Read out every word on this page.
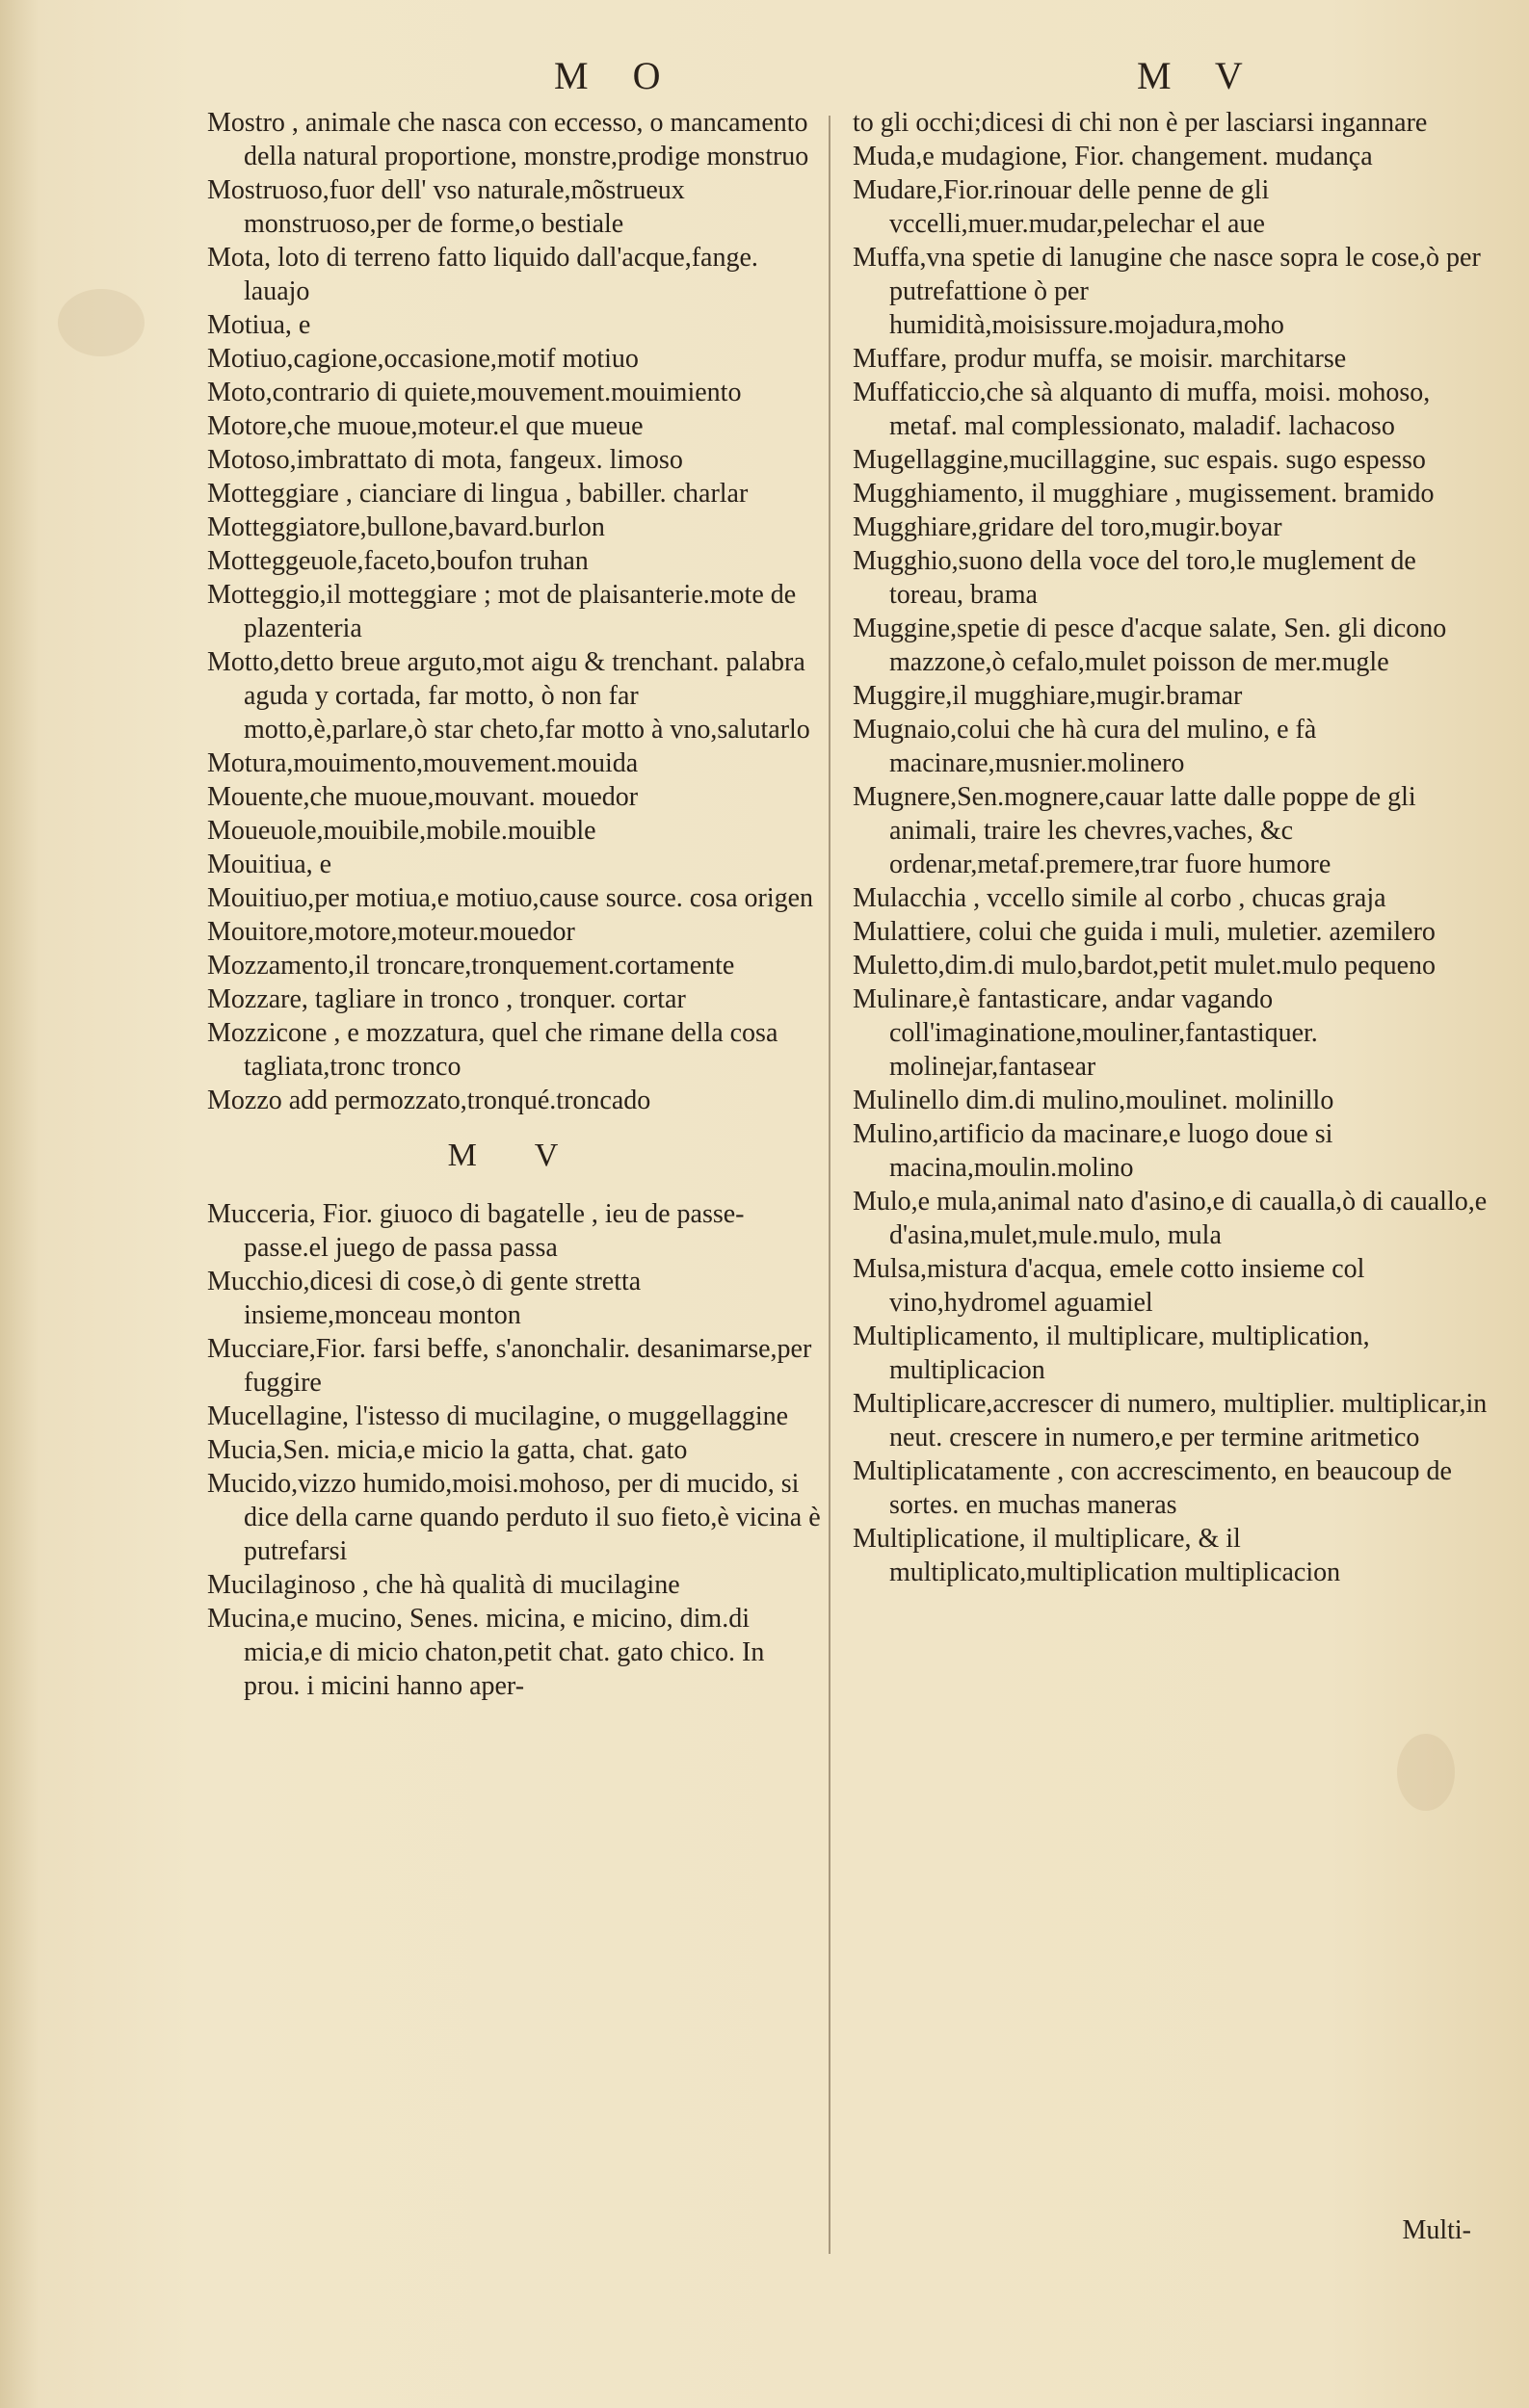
M O	M V

Mostro , animale che nasca con eccesso, o mancamento della natural proportione, monstre,prodige monstruo

Mostruoso,fuor dell' vso naturale,mõstrueux monstruoso,per de forme,o bestiale

Mota, loto di terreno fatto liquido dall'acque,fange. lauajo

Motiua, e

Motiuo,cagione,occasione,motif motiuo

Moto,contrario di quiete,mouvement.mouimiento

Motore,che muoue,moteur.el que mueue

Motoso,imbrattato di mota, fangeux. limoso

Motteggiare , cianciare di lingua , babiller. charlar

Motteggiatore,bullone,bavard.burlon

Motteggeuole,faceto,boufon truhan

Motteggio,il motteggiare ; mot de plaisanterie.mote de plazenteria

Motto,detto breue arguto,mot aigu & trenchant. palabra aguda y cortada, far motto, ò non far motto,è,parlare,ò star cheto,far motto à vno,salutarlo

Motura,mouimento,mouvement.mouida

Mouente,che muoue,mouvant. mouedor

Moueuole,mouibile,mobile.mouible

Mouitiua, e

Mouitiuo,per motiua,e motiuo,cause source. cosa origen

Mouitore,motore,moteur.mouedor

Mozzamento,il troncare,tronquement.cortamente

Mozzare, tagliare in tronco , tronquer. cortar

Mozzicone , e mozzatura, quel che rimane della cosa tagliata,tronc tronco

Mozzo add permozzato,tronqué.troncado

M V

Mucceria, Fior. giuoco di bagatelle , ieu de passe-passe.el juego de passa passa

Mucchio,dicesi di cose,ò di gente stretta insieme,monceau monton

Mucciare,Fior. farsi beffe, s'anonchalir. desanimarse,per fuggire

Mucellagine, l'istesso di mucilagine, o muggellaggine

Mucia,Sen. micia,e micio la gatta, chat. gato

Mucido,vizzo humido,moisi.mohoso, per di mucido, si dice della carne quando perduto il suo fieto,è vicina è putrefarsi

Mucilaginoso , che hà qualità di mucilagine

Mucina,e mucino, Senes. micina, e micino, dim.di micia,e di micio chaton,petit chat. gato chico. In prou. i micini hanno aper-

to gli occhi;dicesi di chi non è per lasciarsi ingannare

Muda,e mudagione, Fior. changement. mudança

Mudare,Fior.rinouar delle penne de gli vccelli,muer.mudar,pelechar el aue

Muffa,vna spetie di lanugine che nasce sopra le cose,ò per putrefattione ò per humidità,moisissure.mojadura,moho

Muffare, produr muffa, se moisir. marchitarse

Muffaticcio,che sà alquanto di muffa, moisi. mohoso, metaf. mal complessionato, maladif. lachacoso

Mugellaggine,mucillaggine, suc espais. sugo espesso

Mugghiamento, il mugghiare , mugissement. bramido

Mugghiare,gridare del toro,mugir.boyar

Mugghio,suono della voce del toro,le muglement de toreau, brama

Muggine,spetie di pesce d'acque salate, Sen. gli dicono mazzone,ò cefalo,mulet poisson de mer.mugle

Muggire,il mugghiare,mugir.bramar

Mugnaio,colui che hà cura del mulino, e fà macinare,musnier.molinero

Mugnere,Sen.mognere,cauar latte dalle poppe de gli animali, traire les chevres,vaches, &c ordenar,metaf.premere,trar fuore humore

Mulacchia , vccello simile al corbo , chucas graja

Mulattiere, colui che guida i muli, muletier. azemilero

Muletto,dim.di mulo,bardot,petit mulet.mulo pequeno

Mulinare,è fantasticare, andar vagando coll'imaginatione,mouliner,fantastiquer. molinejar,fantasear

Mulinello dim.di mulino,moulinet. molinillo

Mulino,artificio da macinare,e luogo doue si macina,moulin.molino

Mulo,e mula,animal nato d'asino,e di caualla,ò di cauallo,e d'asina,mulet,mule.mulo, mula

Mulsa,mistura d'acqua, emele cotto insieme col vino,hydromel aguamiel

Multiplicamento, il multiplicare, multiplication, multiplicacion

Multiplicare,accrescer di numero, multiplier. multiplicar,in neut. crescere in numero,e per termine aritmetico

Multiplicatamente , con accrescimento, en beaucoup de sortes. en muchas maneras

Multiplicatione, il multiplicare, & il multiplicato,multiplication multiplicacion

Multi-
